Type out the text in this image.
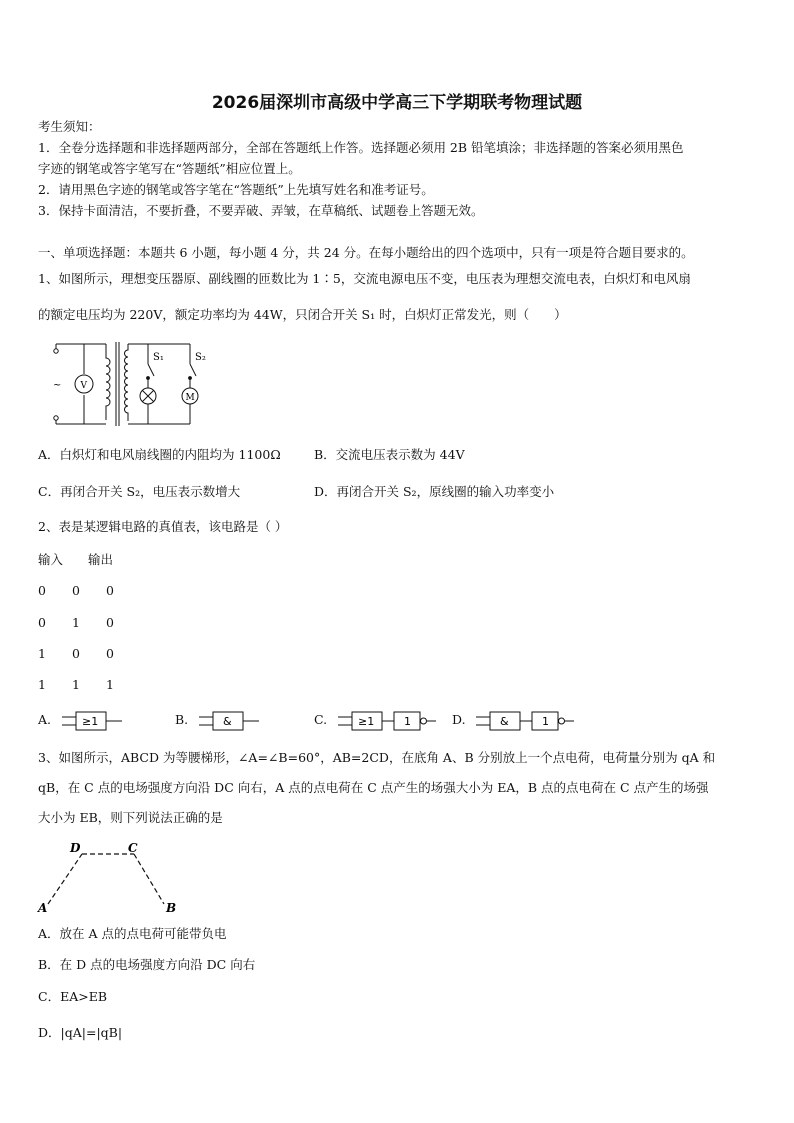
2026届深圳市高级中学高三下学期联考物理试题
考生须知：
1．全卷分选择题和非选择题两部分，全部在答题纸上作答。选择题必须用 2B 铅笔填涂；非选择题的答案必须用黑色
字迹的钢笔或答字笔写在“答题纸”相应位置上。
2．请用黑色字迹的钢笔或答字笔在“答题纸”上先填写姓名和准考证号。
3．保持卡面清洁，不要折叠，不要弄破、弄皱，在草稿纸、试题卷上答题无效。
一、单项选择题：本题共 6 小题，每小题 4 分，共 24 分。在每小题给出的四个选项中，只有一项是符合题目要求的。
1、如图所示，理想变压器原、副线圈的匝数比为 1∶5，交流电源电压不变，电压表为理想交流电表，白炽灯和电风扇
的额定电压均为 220V，额定功率均为 44W，只闭合开关 S₁ 时，白炽灯正常发光，则（　　）
~ V
M
S₁	S₂
A．白炽灯和电风扇线圈的内阻均为 1100Ω	B．交流电压表示数为 44V
C．再闭合开关 S₂，电压表示数增大	D．再闭合开关 S₂，原线圈的输入功率变小
2、表是某逻辑电路的真值表，该电路是（ ）
输入 输出
0 0 0
0 1 0
1 0 0
1 1 1
A.	≥1	B.	&	C.	≥1	1	D.	&	1
3、如图所示，ABCD 为等腰梯形，∠A=∠B=60°，AB=2CD，在底角 A、B 分别放上一个点电荷，电荷量分别为 qA 和
qB，在 C 点的电场强度方向沿 DC 向右，A 点的点电荷在 C 点产生的场强大小为 EA，B 点的点电荷在 C 点产生的场强
大小为 EB，则下列说法正确的是
A	B
C
D
A．放在 A 点的点电荷可能带负电
B．在 D 点的电场强度方向沿 DC 向右
C．EA>EB
D．|qA|=|qB|
